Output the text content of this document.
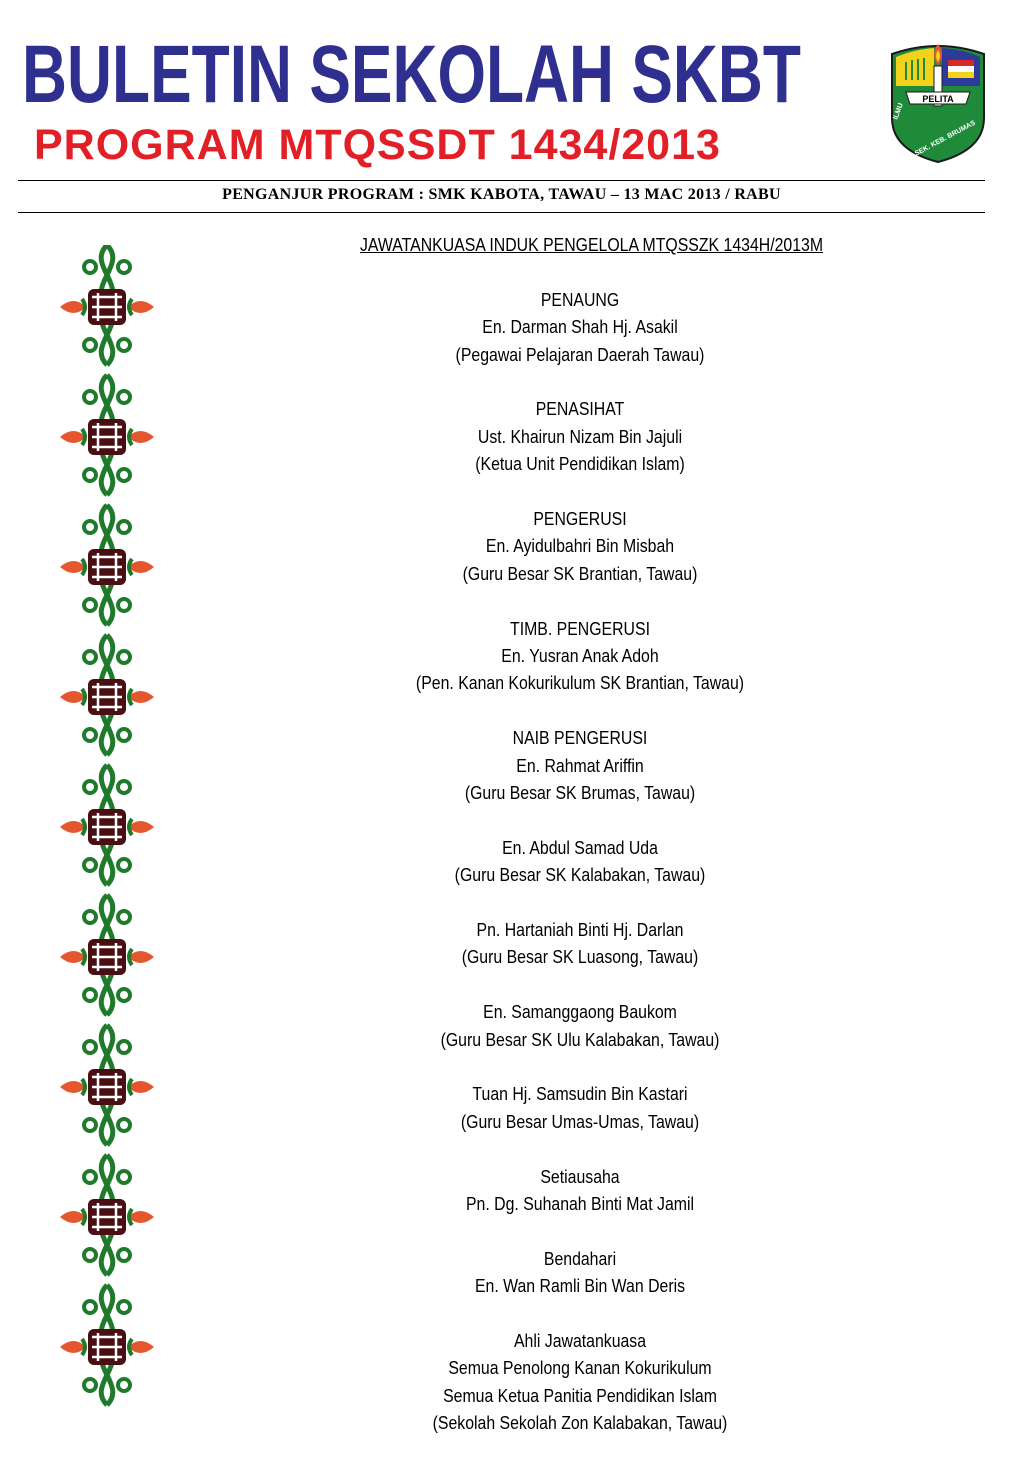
BULETIN SEKOLAH SKBT
PROGRAM MTQSSDT 1434/2013
PELITA
ILMU
SEK. KEB. BRUMAS
PENGANJUR PROGRAM : SMK KABOTA, TAWAU – 13 MAC 2013 / RABU
JAWATANKUASA INDUK PENGELOLA MTQSSZK 1434H/2013M
PENAUNG
En. Darman Shah Hj. Asakil
(Pegawai Pelajaran Daerah Tawau)
PENASIHAT
Ust. Khairun Nizam Bin Jajuli
(Ketua Unit Pendidikan Islam)
PENGERUSI
En. Ayidulbahri Bin Misbah
(Guru Besar SK Brantian, Tawau)
TIMB. PENGERUSI
En. Yusran Anak Adoh
(Pen. Kanan Kokurikulum SK Brantian, Tawau)
NAIB PENGERUSI
En. Rahmat Ariffin
(Guru Besar SK Brumas, Tawau)
En. Abdul Samad Uda
(Guru Besar SK Kalabakan, Tawau)
Pn. Hartaniah Binti Hj. Darlan
(Guru Besar SK Luasong, Tawau)
En. Samanggaong Baukom
(Guru Besar SK Ulu Kalabakan, Tawau)
Tuan Hj. Samsudin Bin Kastari
(Guru Besar Umas-Umas, Tawau)
Setiausaha
Pn. Dg. Suhanah Binti Mat Jamil
Bendahari
En. Wan Ramli Bin Wan Deris
Ahli Jawatankuasa
Semua Penolong Kanan Kokurikulum
Semua Ketua Panitia Pendidikan Islam
(Sekolah Sekolah Zon Kalabakan, Tawau)
